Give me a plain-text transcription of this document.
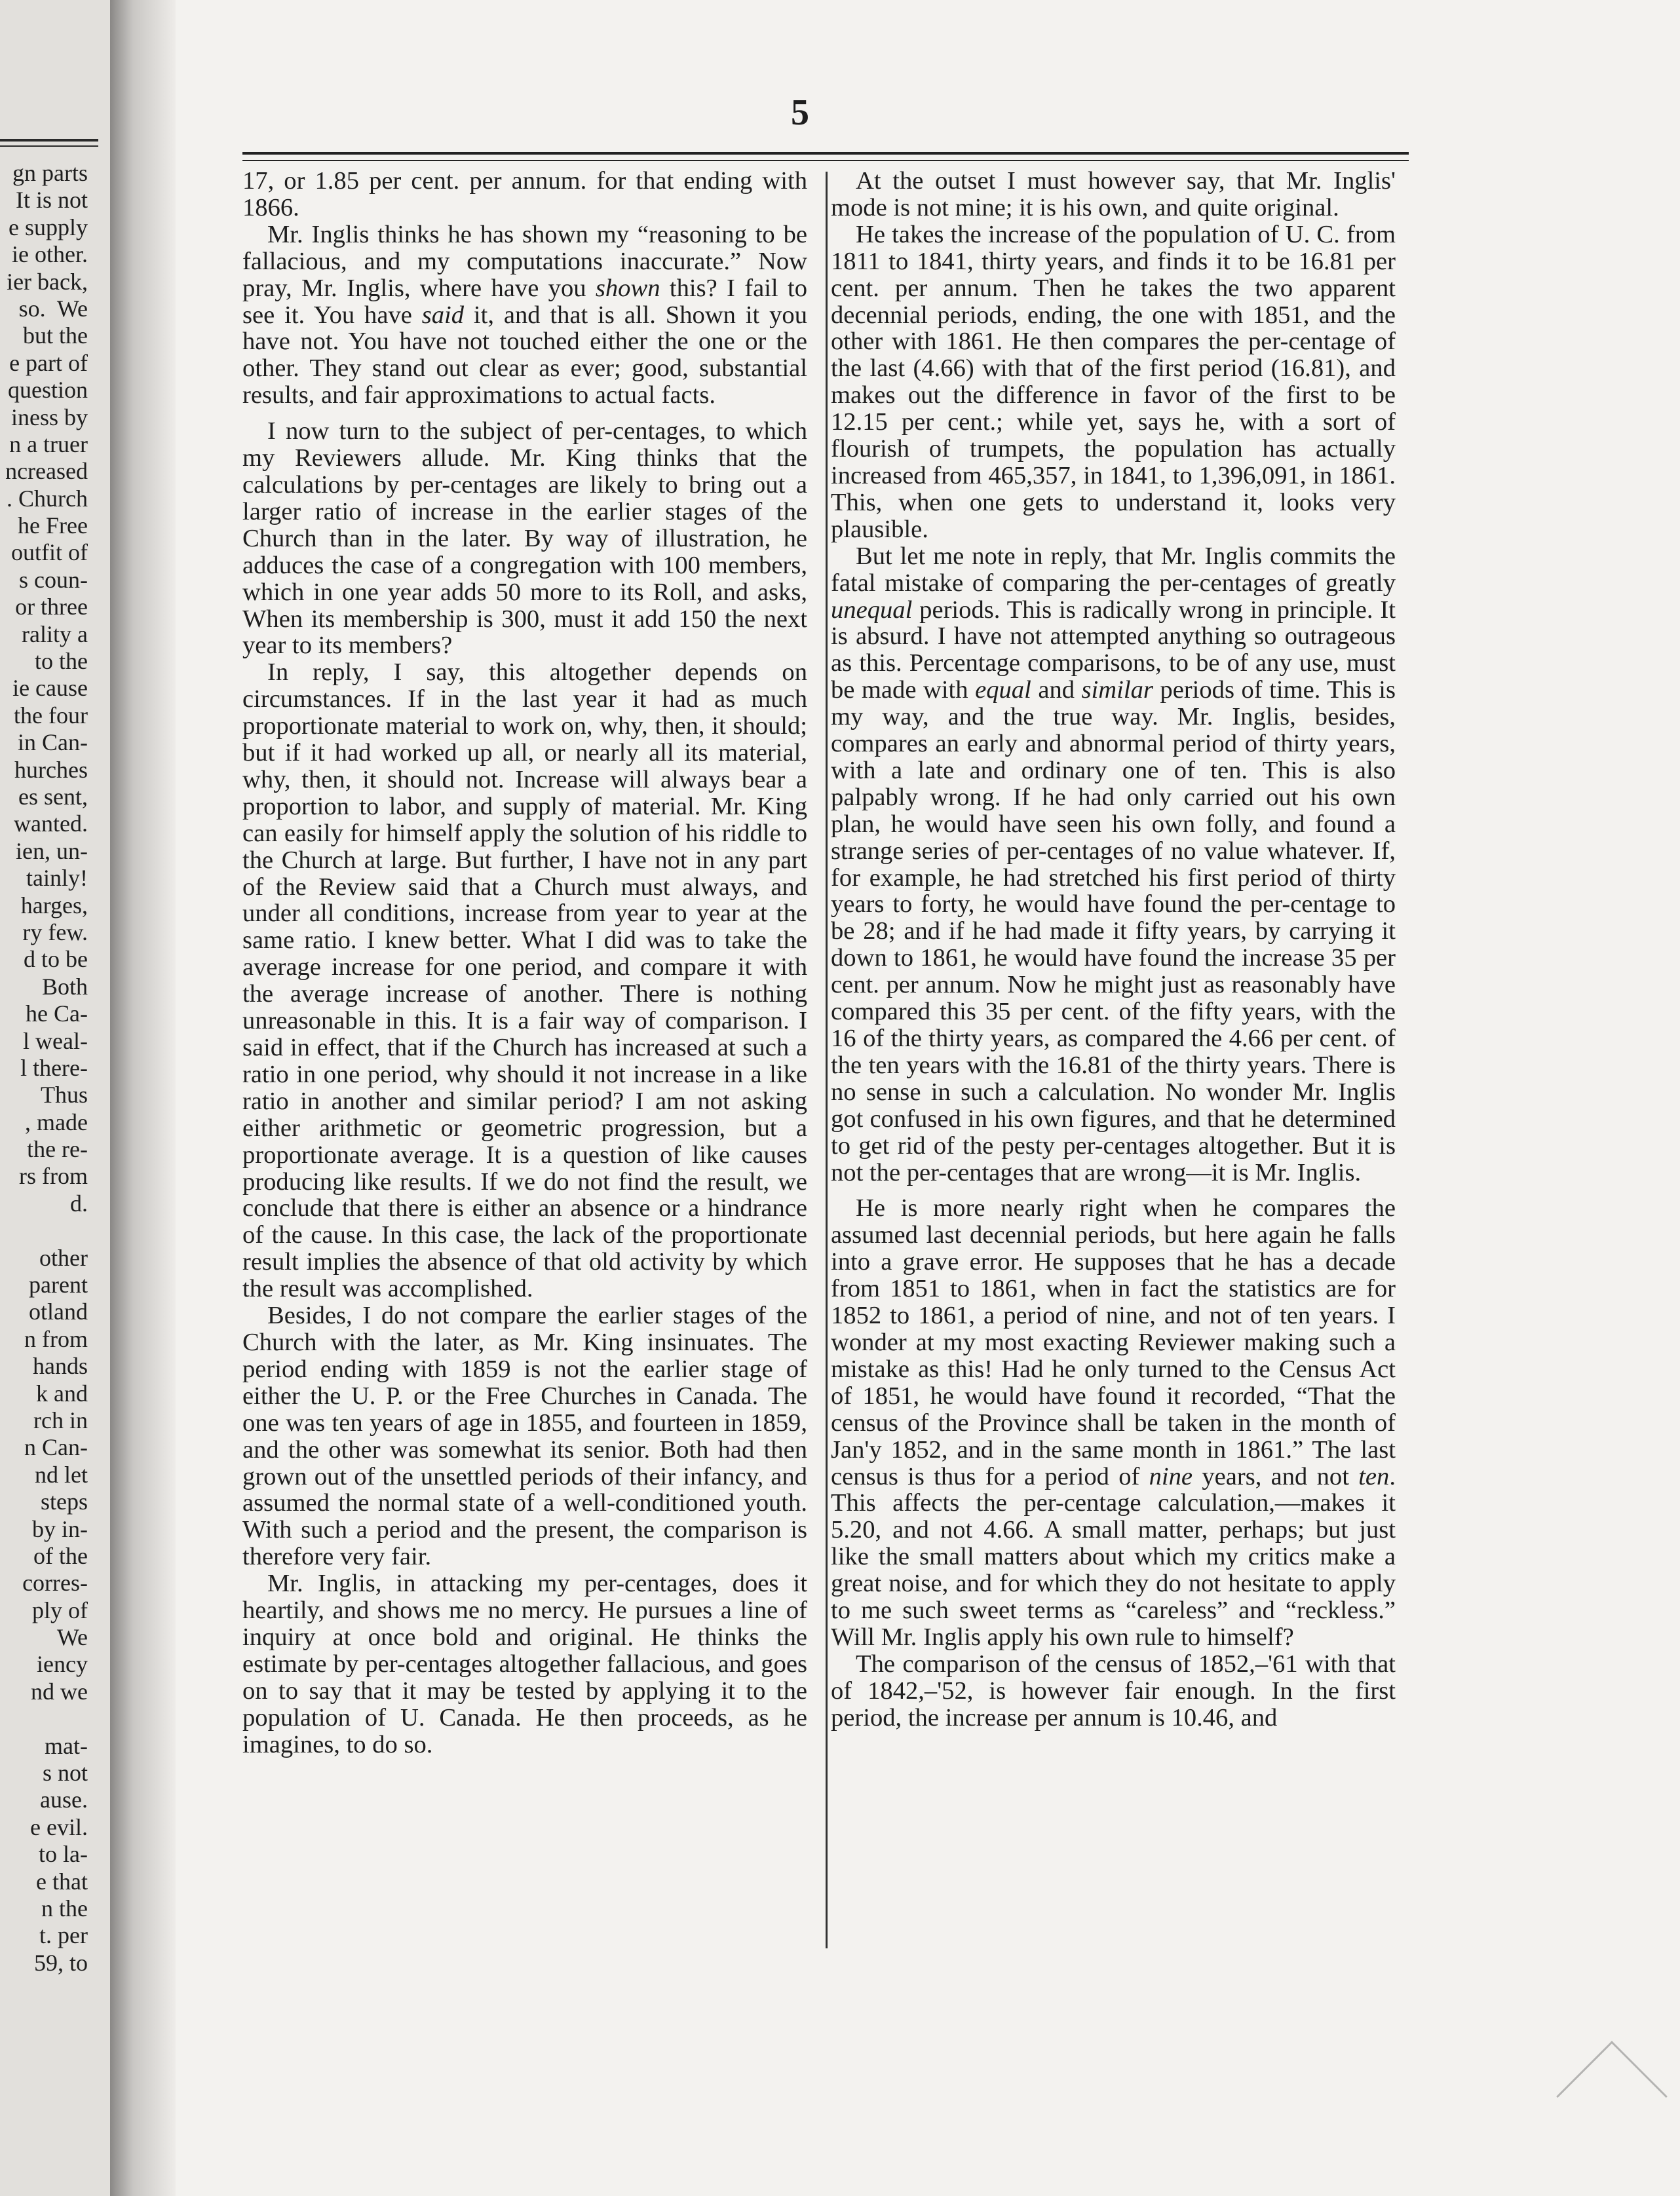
gn parts
It is not
e supply
ie other.
ier back,
so.  We
but the
e part of
question
iness by
n a truer
ncreased
. Church
he Free
outfit of
s coun-
or three
rality a
to the
ie cause
the four
in Can-
hurches
es sent,
wanted.
ien, un-
tainly!
harges,
ry few.
d to be
Both
he Ca-
l weal-
l there-
Thus
, made
the re-
rs from
d.
other
parent
otland
n from
hands
k and
rch in
n Can-
nd let
steps
by in-
of the
corres-
ply of
We
iency
nd we
mat-
s not
ause.
e evil.
to la-
e that
n the
t. per
59, to
5

17, or 1.85 per cent. per annum. for that ending with 1866.

Mr. Inglis thinks he has shown my “reasoning to be fallacious, and my computations inaccurate.” Now pray, Mr. Inglis, where have you shown this? I fail to see it. You have said it, and that is all. Shown it you have not. You have not touched either the one or the other. They stand out clear as ever; good, substantial results, and fair approximations to actual facts.

I now turn to the subject of per-centages, to which my Reviewers allude. Mr. King thinks that the calculations by per-centages are likely to bring out a larger ratio of increase in the earlier stages of the Church than in the later. By way of illustration, he adduces the case of a congregation with 100 members, which in one year adds 50 more to its Roll, and asks, When its membership is 300, must it add 150 the next year to its members?

In reply, I say, this altogether depends on circumstances. If in the last year it had as much proportionate material to work on, why, then, it should; but if it had worked up all, or nearly all its material, why, then, it should not. Increase will always bear a proportion to labor, and supply of material. Mr. King can easily for himself apply the solution of his riddle to the Church at large. But further, I have not in any part of the Review said that a Church must always, and under all conditions, increase from year to year at the same ratio. I knew better. What I did was to take the average increase for one period, and compare it with the average increase of another. There is nothing unreasonable in this. It is a fair way of comparison. I said in effect, that if the Church has increased at such a ratio in one period, why should it not increase in a like ratio in another and similar period? I am not asking either arithmetic or geometric progression, but a proportionate average. It is a question of like causes producing like results. If we do not find the result, we conclude that there is either an absence or a hindrance of the cause. In this case, the lack of the proportionate result implies the absence of that old activity by which the result was accomplished.

Besides, I do not compare the earlier stages of the Church with the later, as Mr. King insinuates. The period ending with 1859 is not the earlier stage of either the U. P. or the Free Churches in Canada. The one was ten years of age in 1855, and fourteen in 1859, and the other was somewhat its senior. Both had then grown out of the unsettled periods of their infancy, and assumed the normal state of a well-conditioned youth. With such a period and the present, the comparison is therefore very fair.

Mr. Inglis, in attacking my per-centages, does it heartily, and shows me no mercy. He pursues a line of inquiry at once bold and original. He thinks the estimate by per-centages altogether fallacious, and goes on to say that it may be tested by applying it to the population of U. Canada. He then proceeds, as he imagines, to do so.

At the outset I must however say, that Mr. Inglis' mode is not mine; it is his own, and quite original.

He takes the increase of the population of U. C. from 1811 to 1841, thirty years, and finds it to be 16.81 per cent. per annum. Then he takes the two apparent decennial periods, ending, the one with 1851, and the other with 1861. He then compares the per-centage of the last (4.66) with that of the first period (16.81), and makes out the difference in favor of the first to be 12.15 per cent.; while yet, says he, with a sort of flourish of trumpets, the population has actually increased from 465,357, in 1841, to 1,396,091, in 1861. This, when one gets to understand it, looks very plausible.

But let me note in reply, that Mr. Inglis commits the fatal mistake of comparing the per-centages of greatly unequal periods. This is radically wrong in principle. It is absurd. I have not attempted anything so outrageous as this. Percentage comparisons, to be of any use, must be made with equal and similar periods of time. This is my way, and the true way. Mr. Inglis, besides, compares an early and abnormal period of thirty years, with a late and ordinary one of ten. This is also palpably wrong. If he had only carried out his own plan, he would have seen his own folly, and found a strange series of per-centages of no value whatever. If, for example, he had stretched his first period of thirty years to forty, he would have found the per-centage to be 28; and if he had made it fifty years, by carrying it down to 1861, he would have found the increase 35 per cent. per annum. Now he might just as reasonably have compared this 35 per cent. of the fifty years, with the 16 of the thirty years, as compared the 4.66 per cent. of the ten years with the 16.81 of the thirty years. There is no sense in such a calculation. No wonder Mr. Inglis got confused in his own figures, and that he determined to get rid of the pesty per-centages altogether. But it is not the per-centages that are wrong—it is Mr. Inglis.

He is more nearly right when he compares the assumed last decennial periods, but here again he falls into a grave error. He supposes that he has a decade from 1851 to 1861, when in fact the statistics are for 1852 to 1861, a period of nine, and not of ten years. I wonder at my most exacting Reviewer making such a mistake as this! Had he only turned to the Census Act of 1851, he would have found it recorded, “That the census of the Province shall be taken in the month of Jan'y 1852, and in the same month in 1861.” The last census is thus for a period of nine years, and not ten. This affects the per-centage calculation,—makes it 5.20, and not 4.66. A small matter, perhaps; but just like the small matters about which my critics make a great noise, and for which they do not hesitate to apply to me such sweet terms as “careless” and “reckless.” Will Mr. Inglis apply his own rule to himself?

The comparison of the census of 1852,–'61 with that of 1842,–'52, is however fair enough. In the first period, the increase per annum is 10.46, and
